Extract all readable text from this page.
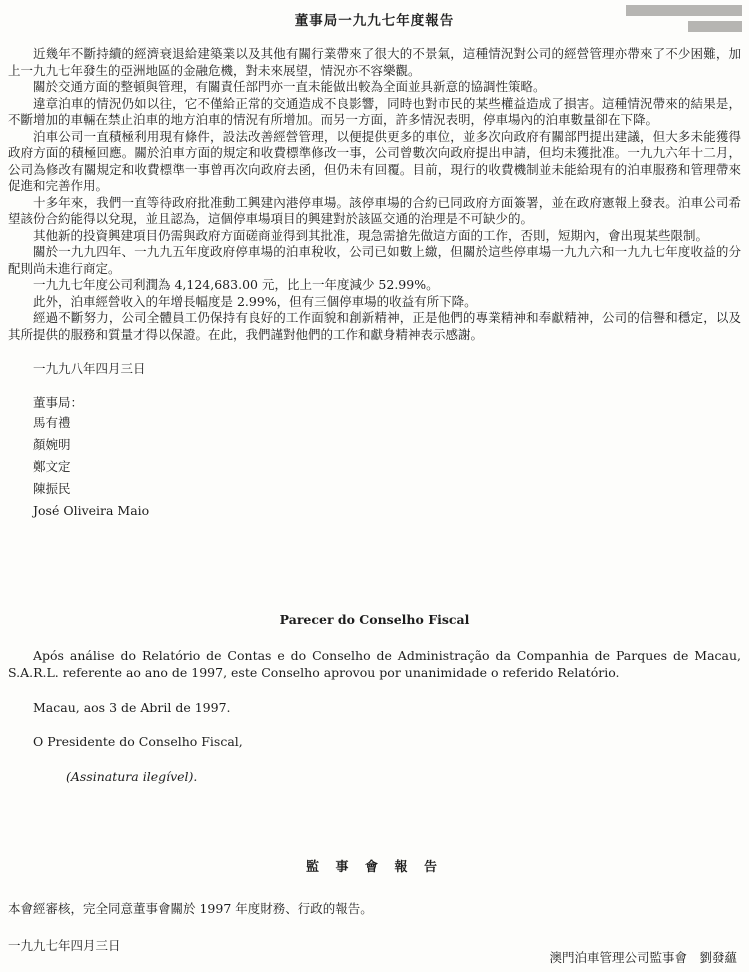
董事局一九九七年度報告

近幾年不斷持續的經濟衰退給建築業以及其他有關行業帶來了很大的不景氣，這種情況對公司的經營管理亦帶來了不少困難，加上一九九七年發生的亞洲地區的金融危機，對未來展望，情況亦不容樂觀。

關於交通方面的整頓與管理，有關責任部門亦一直未能做出較為全面並具新意的協調性策略。

違章泊車的情況仍如以往，它不僅給正常的交通造成不良影響，同時也對市民的某些權益造成了損害。這種情況帶來的結果是，不斷增加的車輛在禁止泊車的地方泊車的情況有所增加。而另一方面，許多情況表明，停車場內的泊車數量卻在下降。

泊車公司一直積極利用現有條件，設法改善經營管理，以便提供更多的車位，並多次向政府有關部門提出建議，但大多未能獲得政府方面的積極回應。關於泊車方面的規定和收費標準修改一事，公司曾數次向政府提出申請，但均未獲批准。一九九六年十二月，公司為修改有關規定和收費標準一事曾再次向政府去函，但仍未有回覆。目前，現行的收費機制並未能給現有的泊車服務和管理帶來促進和完善作用。

十多年來，我們一直等待政府批准動工興建內港停車場。該停車場的合約已同政府方面簽署，並在政府憲報上發表。泊車公司希望該份合約能得以兌現，並且認為，這個停車場項目的興建對於該區交通的治理是不可缺少的。

其他新的投資興建項目仍需與政府方面磋商並得到其批准，現急需搶先做這方面的工作，否則，短期內，會出現某些限制。

關於一九九四年、一九九五年度政府停車場的泊車稅收，公司已如數上繳，但關於這些停車場一九九六和一九九七年度收益的分配則尚未進行商定。

一九九七年度公司利潤為 4,124,683.00 元，比上一年度減少 52.99%。

此外，泊車經營收入的年增長幅度是 2.99%，但有三個停車場的收益有所下降。

經過不斷努力，公司全體員工仍保持有良好的工作面貌和創新精神，正是他們的專業精神和奉獻精神，公司的信譽和穩定，以及其所提供的服務和質量才得以保證。在此，我們謹對他們的工作和獻身精神表示感謝。

一九九八年四月三日

董事局：

馬有禮

顏婉明

鄭文定

陳振民

José Oliveira Maio

Parecer do Conselho Fiscal

Após análise do Relatório de Contas e do Conselho de Administração da Companhia de Parques de Macau, S.A.R.L. referente ao ano de 1997, este Conselho aprovou por unanimidade o referido Relatório.

Macau, aos 3 de Abril de 1997.

O Presidente do Conselho Fiscal,

(Assinatura ilegível).

監 事 會 報 告

本會經審核，完全同意董事會關於 1997 年度財務、行政的報告。

一九九七年四月三日

澳門泊車管理公司監事會　劉發蘊
